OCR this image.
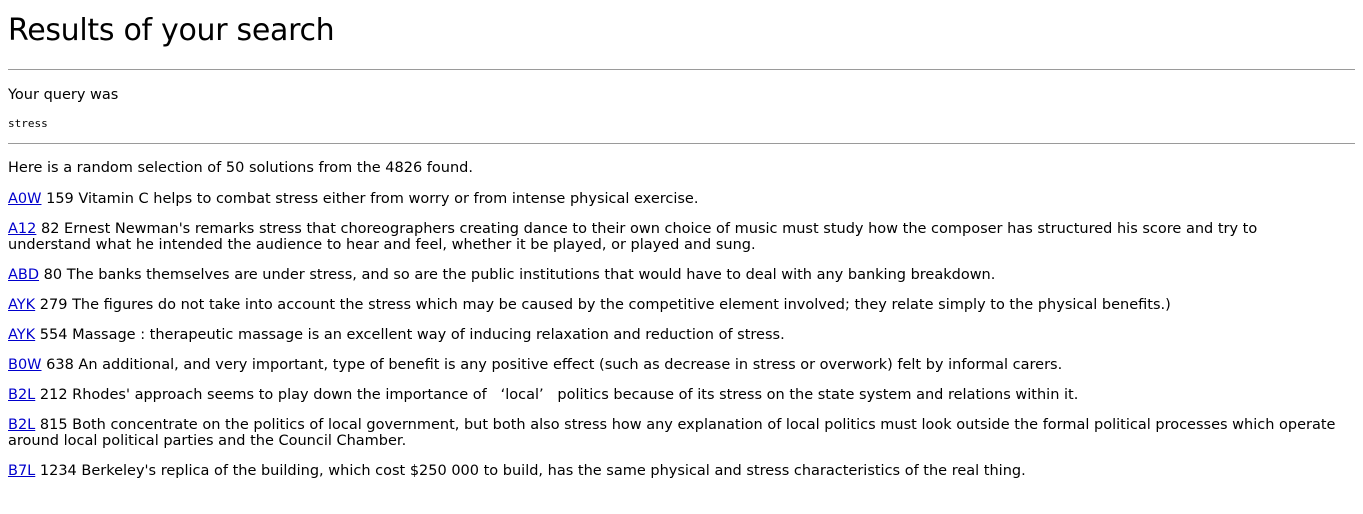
Results of your search

Your query was

stress

Here is a random selection of 50 solutions from the 4826 found.

A0W 159 Vitamin C helps to combat stress either from worry or from intense physical exercise.

A12 82 Ernest Newman's remarks stress that choreographers creating dance to their own choice of music must study how the composer has structured his score and try to understand what he intended the audience to hear and feel, whether it be played, or played and sung.

ABD 80 The banks themselves are under stress, and so are the public institutions that would have to deal with any banking breakdown.

AYK 279 The figures do not take into account the stress which may be caused by the competitive element involved; they relate simply to the physical benefits.)

AYK 554 Massage : therapeutic massage is an excellent way of inducing relaxation and reduction of stress.

B0W 638 An additional, and very important, type of benefit is any positive effect (such as decrease in stress or overwork) felt by informal carers.

B2L 212 Rhodes' approach seems to play down the importance of   ‘local’   politics because of its stress on the state system and relations within it.

B2L 815 Both concentrate on the politics of local government, but both also stress how any explanation of local politics must look outside the formal political processes which operate around local political parties and the Council Chamber.

B7L 1234 Berkeley's replica of the building, which cost $250 000 to build, has the same physical and stress characteristics of the real thing.
